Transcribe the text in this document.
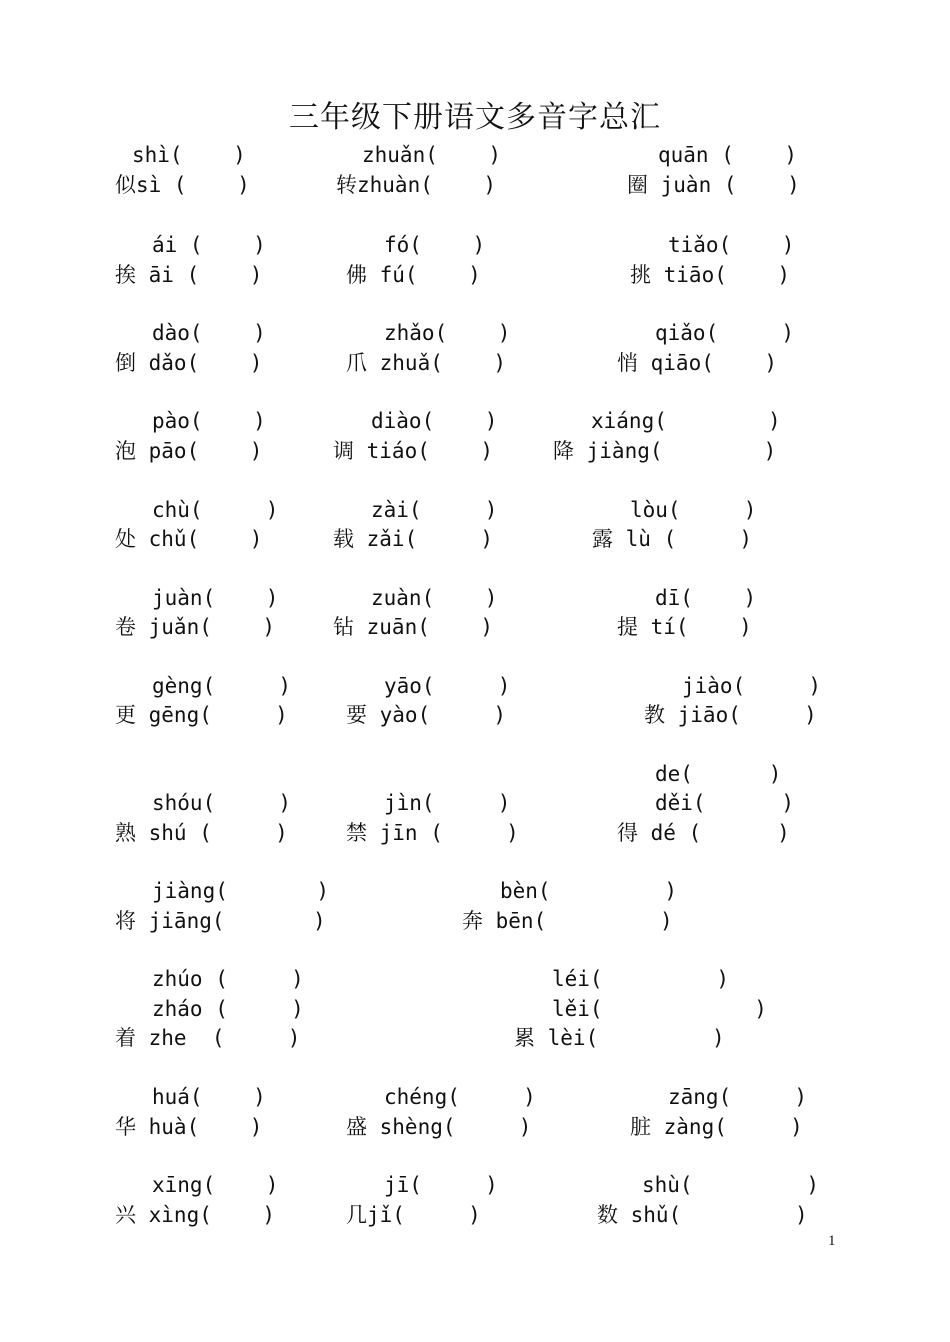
三年级下册语文多音字总汇
shì(    )	zhuǎn(    )	quān (    )
似sì (    )	转zhuàn(    )	圈 juàn (    )
ái (    )	fó(    )	tiǎo(    )
挨 āi (    )	佛 fú(    )	挑 tiāo(    )
dào(    )	zhǎo(    )	qiǎo(     )
倒 dǎo(    )	爪 zhuǎ(    )	悄 qiāo(    )
pào(    )	diào(    )	xiáng(        )
泡 pāo(    )	调 tiáo(    )	降 jiàng(        )
chù(     )	zài(     )	lòu(     )
处 chǔ(    )	载 zǎi(     )	露 lù (     )
juàn(    )	zuàn(    )	dī(    )
卷 juǎn(    )	钻 zuān(    )	提 tí(    )
gèng(     )	yāo(     )	jiào(     )
更 gēng(     )	要 yào(     )	教 jiāo(     )
de(      )
shóu(     )	jìn(     )	děi(      )
熟 shú (     )	禁 jīn (     )	得 dé (      )
jiàng(       )	bèn(         )
将 jiāng(       )	奔 bēn(         )
zhúo (     )	léi(         )
zháo (     )	lěi(            )
着 zhe  (     )	累 lèi(         )
huá(    )	chéng(     )	zāng(     )
华 huà(    )	盛 shèng(     )	脏 zàng(     )
xīng(    )	jī(     )	shù(         )
兴 xìng(    )	几jǐ(     )	数 shǔ(         )
1
